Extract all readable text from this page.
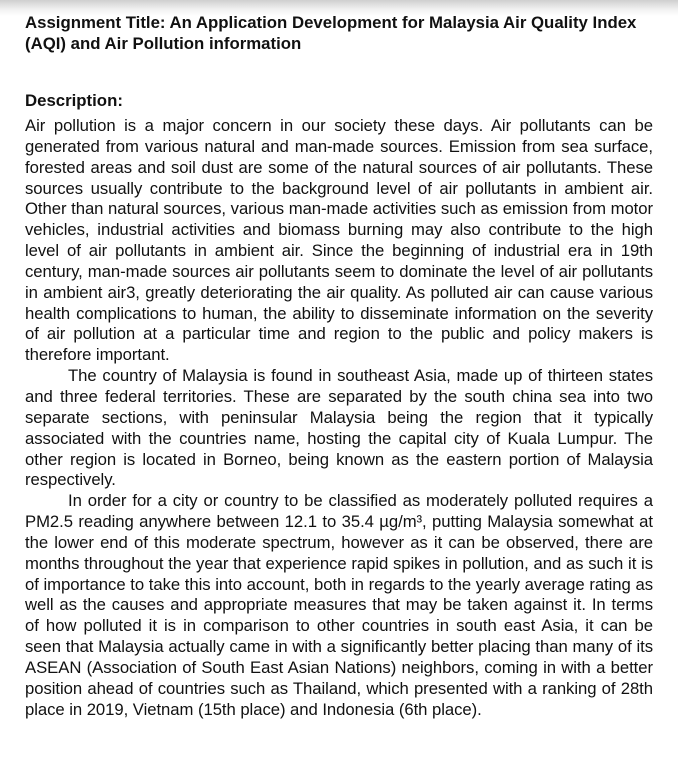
Assignment Title: An Application Development for Malaysia Air Quality Index (AQI) and Air Pollution information

Description:

Air pollution is a major concern in our society these days. Air pollutants can be generated from various natural and man-made sources. Emission from sea surface, forested areas and soil dust are some of the natural sources of air pollutants. These sources usually contribute to the background level of air pollutants in ambient air. Other than natural sources, various man-made activities such as emission from motor vehicles, industrial activities and biomass burning may also contribute to the high level of air pollutants in ambient air. Since the beginning of industrial era in 19th century, man-made sources air pollutants seem to dominate the level of air pollutants in ambient air3, greatly deteriorating the air quality. As polluted air can cause various health complications to human, the ability to disseminate information on the severity of air pollution at a particular time and region to the public and policy makers is therefore important.

The country of Malaysia is found in southeast Asia, made up of thirteen states and three federal territories. These are separated by the south china sea into two separate sections, with peninsular Malaysia being the region that it typically associated with the countries name, hosting the capital city of Kuala Lumpur. The other region is located in Borneo, being known as the eastern portion of Malaysia respectively.

In order for a city or country to be classified as moderately polluted requires a PM2.5 reading anywhere between 12.1 to 35.4 µg/m³, putting Malaysia somewhat at the lower end of this moderate spectrum, however as it can be observed, there are months throughout the year that experience rapid spikes in pollution, and as such it is of importance to take this into account, both in regards to the yearly average rating as well as the causes and appropriate measures that may be taken against it. In terms of how polluted it is in comparison to other countries in south east Asia, it can be seen that Malaysia actually came in with a significantly better placing than many of its ASEAN (Association of South East Asian Nations) neighbors, coming in with a better position ahead of countries such as Thailand, which presented with a ranking of 28th place in 2019, Vietnam (15th place) and Indonesia (6th place).
